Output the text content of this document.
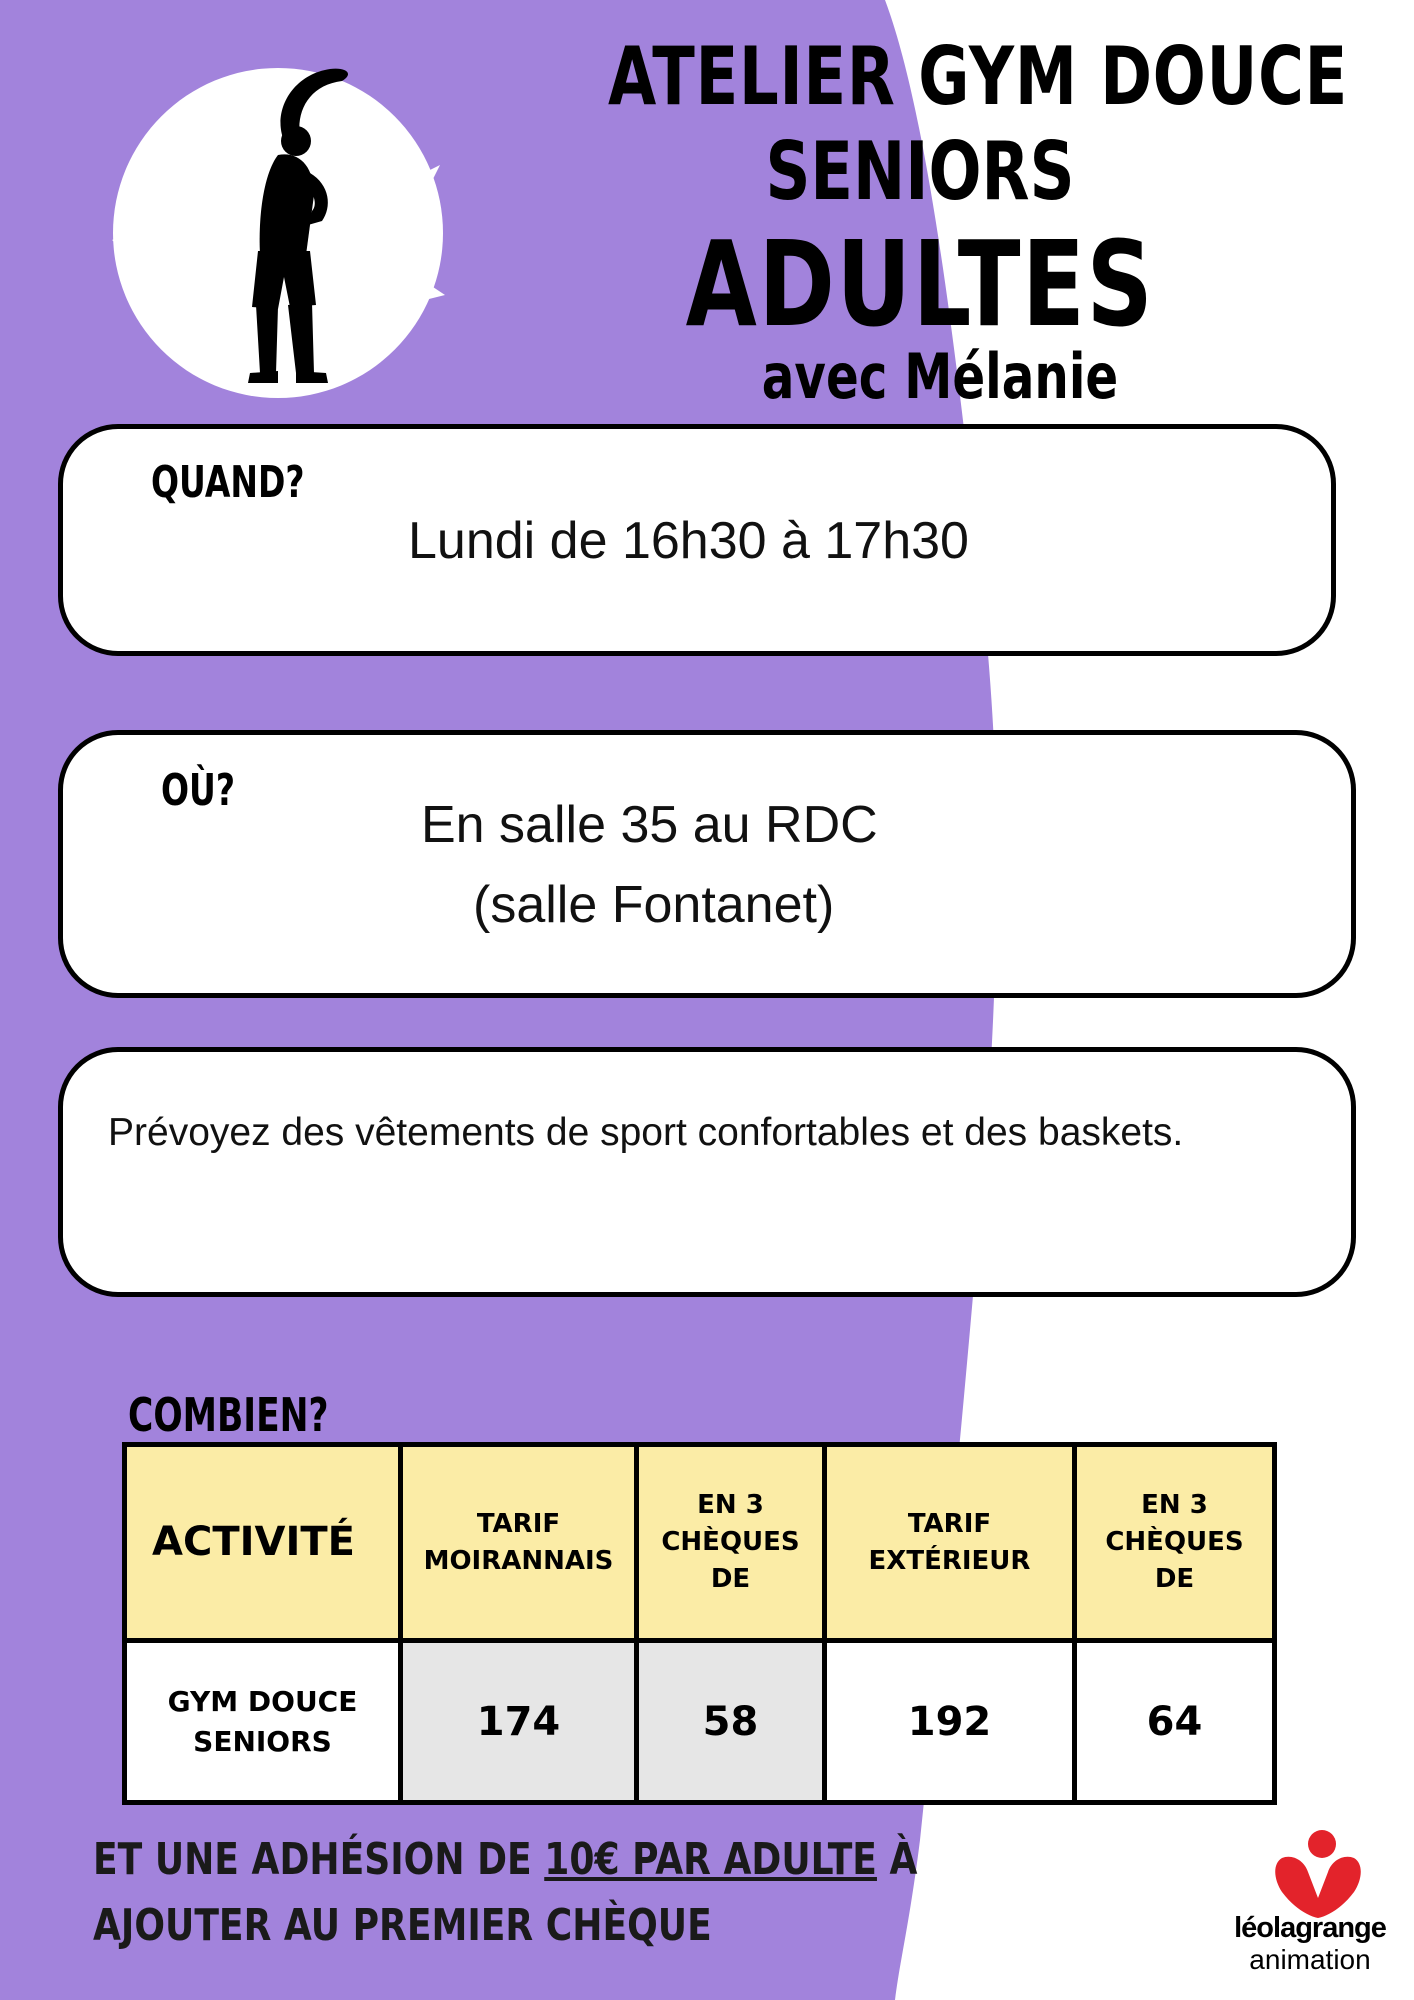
ATELIER GYM DOUCE
SENIORS
ADULTES
avec Mélanie
QUAND?
Lundi de 16h30 à 17h30
OÙ?
En salle 35 au RDC
(salle Fontanet)
Prévoyez des vêtements de sport confortables et des baskets.
COMBIEN?
ACTIVITÉ	TARIF MOIRANNAIS	EN 3 CHÈQUES DE	TARIF EXTÉRIEUR	EN 3 CHÈQUES DE
GYM DOUCE SENIORS	174	58	192	64
ET UNE ADHÉSION DE 10€ PAR ADULTE À AJOUTER AU PREMIER CHÈQUE	léolagrange
animation
